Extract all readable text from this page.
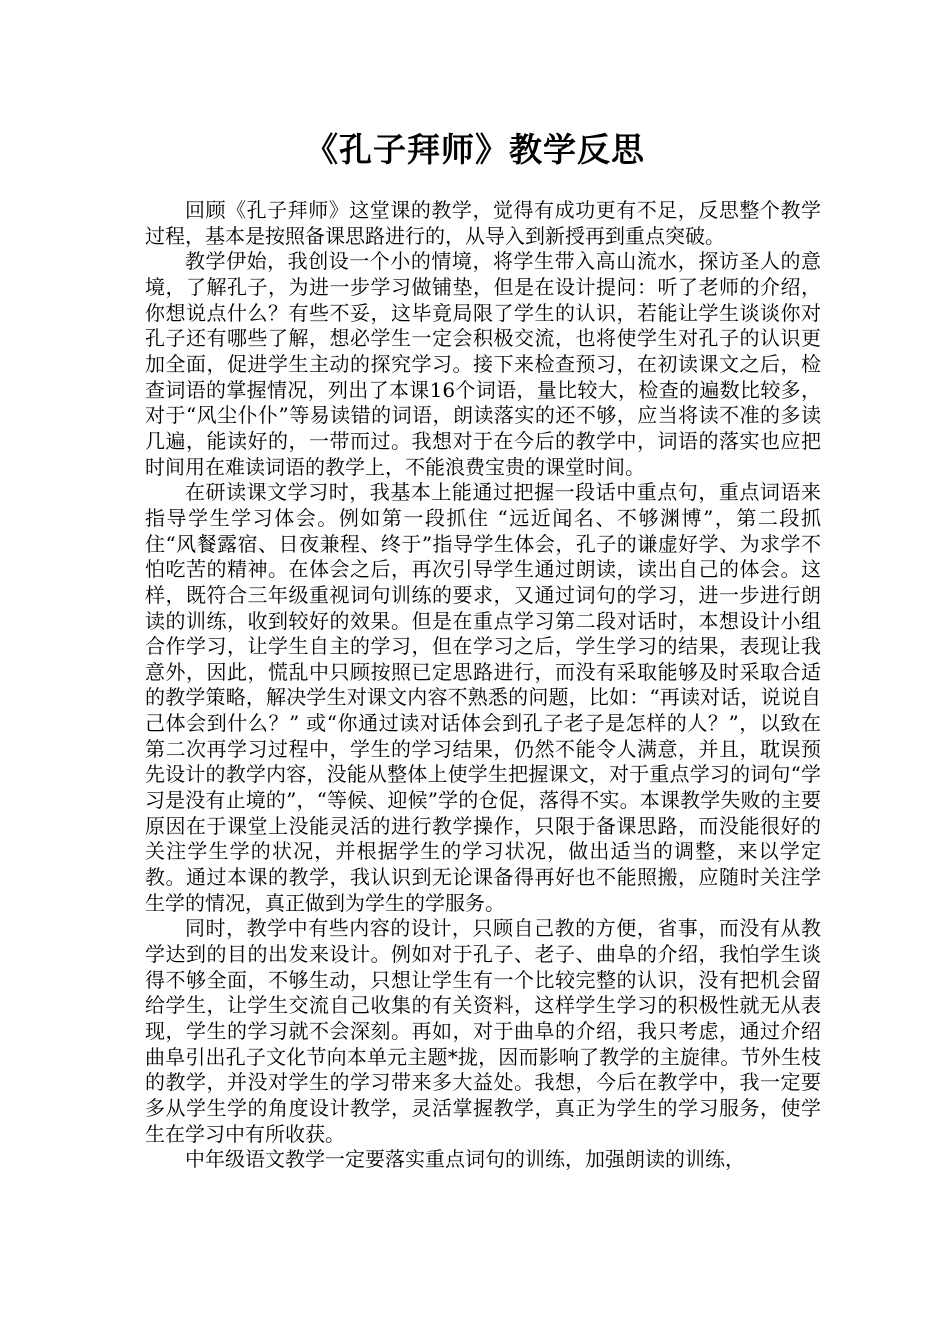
《孔子拜师》教学反思

回顾《孔子拜师》这堂课的教学，觉得有成功更有不足，反思整个教学过程，基本是按照备课思路进行的，从导入到新授再到重点突破。

教学伊始，我创设一个小的情境，将学生带入高山流水，探访圣人的意境，了解孔子，为进一步学习做铺垫，但是在设计提问：听了老师的介绍，你想说点什么？有些不妥，这毕竟局限了学生的认识，若能让学生谈谈你对孔子还有哪些了解，想必学生一定会积极交流，也将使学生对孔子的认识更加全面，促进学生主动的探究学习。接下来检查预习，在初读课文之后，检查词语的掌握情况，列出了本课16个词语，量比较大，检查的遍数比较多，对于“风尘仆仆”等易读错的词语，朗读落实的还不够，应当将读不准的多读几遍，能读好的，一带而过。我想对于在今后的教学中，词语的落实也应把时间用在难读词语的教学上，不能浪费宝贵的课堂时间。

在研读课文学习时，我基本上能通过把握一段话中重点句，重点词语来指导学生学习体会。例如第一段抓住 “远近闻名、不够渊博”，第二段抓住“风餐露宿、日夜兼程、终于”指导学生体会，孔子的谦虚好学、为求学不怕吃苦的精神。在体会之后，再次引导学生通过朗读，读出自己的体会。这样，既符合三年级重视词句训练的要求，又通过词句的学习，进一步进行朗读的训练，收到较好的效果。但是在重点学习第二段对话时，本想设计小组合作学习，让学生自主的学习，但在学习之后，学生学习的结果，表现让我意外，因此，慌乱中只顾按照已定思路进行，而没有采取能够及时采取合适的教学策略，解决学生对课文内容不熟悉的问题，比如：“再读对话，说说自己体会到什么？” 或“你通过读对话体会到孔子老子是怎样的人？”，以致在第二次再学习过程中，学生的学习结果，仍然不能令人满意，并且，耽误预先设计的教学内容，没能从整体上使学生把握课文，对于重点学习的词句“学习是没有止境的”，“等候、迎候”学的仓促，落得不实。本课教学失败的主要原因在于课堂上没能灵活的进行教学操作，只限于备课思路，而没能很好的关注学生学的状况，并根据学生的学习状况，做出适当的调整，来以学定教。通过本课的教学，我认识到无论课备得再好也不能照搬，应随时关注学生学的情况，真正做到为学生的学服务。

同时，教学中有些内容的设计，只顾自己教的方便，省事，而没有从教学达到的目的出发来设计。例如对于孔子、老子、曲阜的介绍，我怕学生谈得不够全面，不够生动，只想让学生有一个比较完整的认识，没有把机会留给学生，让学生交流自己收集的有关资料，这样学生学习的积极性就无从表现，学生的学习就不会深刻。再如，对于曲阜的介绍，我只考虑，通过介绍曲阜引出孔子文化节向本单元主题*拢，因而影响了教学的主旋律。节外生枝的教学，并没对学生的学习带来多大益处。我想，今后在教学中，我一定要多从学生学的角度设计教学，灵活掌握教学，真正为学生的学习服务，使学生在学习中有所收获。

中年级语文教学一定要落实重点词句的训练，加强朗读的训练，
